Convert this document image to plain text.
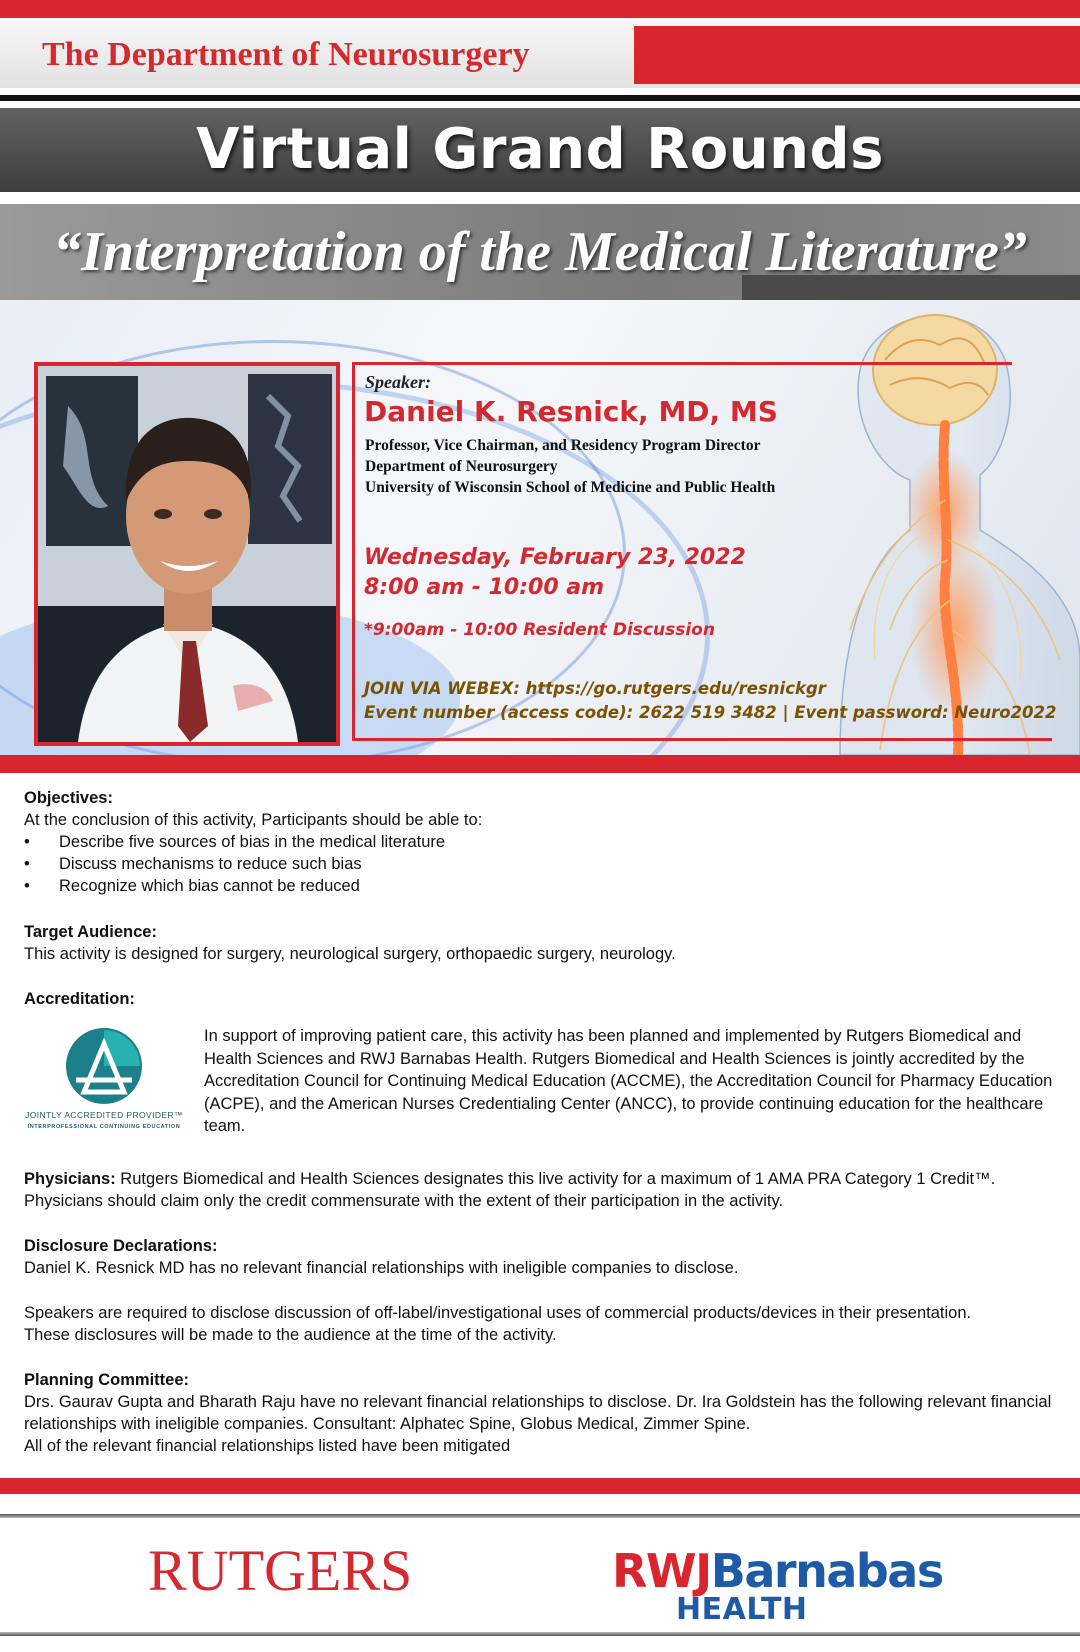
The Department of Neurosurgery
Virtual Grand Rounds
“Interpretation of the Medical Literature”
Speaker:
Daniel K. Resnick, MD, MS
Professor, Vice Chairman, and Residency Program Director
Department of Neurosurgery
University of Wisconsin School of Medicine and Public Health
Wednesday, February 23, 2022
8:00 am - 10:00 am
*9:00am - 10:00 Resident Discussion
JOIN VIA WEBEX: https://go.rutgers.edu/resnickgr
Event number (access code): 2622 519 3482 | Event password: Neuro2022
Objectives:
At the conclusion of this activity, Participants should be able to:
• Describe five sources of bias in the medical literature
• Discuss mechanisms to reduce such bias
• Recognize which bias cannot be reduced
Target Audience:
This activity is designed for surgery, neurological surgery, orthopaedic surgery, neurology.
Accreditation:
JOINTLY ACCREDITED PROVIDER™
INTERPROFESSIONAL CONTINUING EDUCATION
In support of improving patient care, this activity has been planned and implemented by Rutgers Biomedical and Health Sciences and RWJ Barnabas Health. Rutgers Biomedical and Health Sciences is jointly accredited by the Accreditation Council for Continuing Medical Education (ACCME), the Accreditation Council for Pharmacy Education (ACPE), and the American Nurses Credentialing Center (ANCC), to provide continuing education for the healthcare team.
Physicians: Rutgers Biomedical and Health Sciences designates this live activity for a maximum of 1 AMA PRA Category 1 Credit™. Physicians should claim only the credit commensurate with the extent of their participation in the activity.
Disclosure Declarations:
Daniel K. Resnick MD has no relevant financial relationships with ineligible companies to disclose.
Speakers are required to disclose discussion of off-label/investigational uses of commercial products/devices in their presentation. These disclosures will be made to the audience at the time of the activity.
Planning Committee:
Drs. Gaurav Gupta and Bharath Raju have no relevant financial relationships to disclose. Dr. Ira Goldstein has the following relevant financial relationships with ineligible companies. Consultant: Alphatec Spine, Globus Medical, Zimmer Spine.
All of the relevant financial relationships listed have been mitigated
RUTGERS	RWJBarnabas
HEALTH
